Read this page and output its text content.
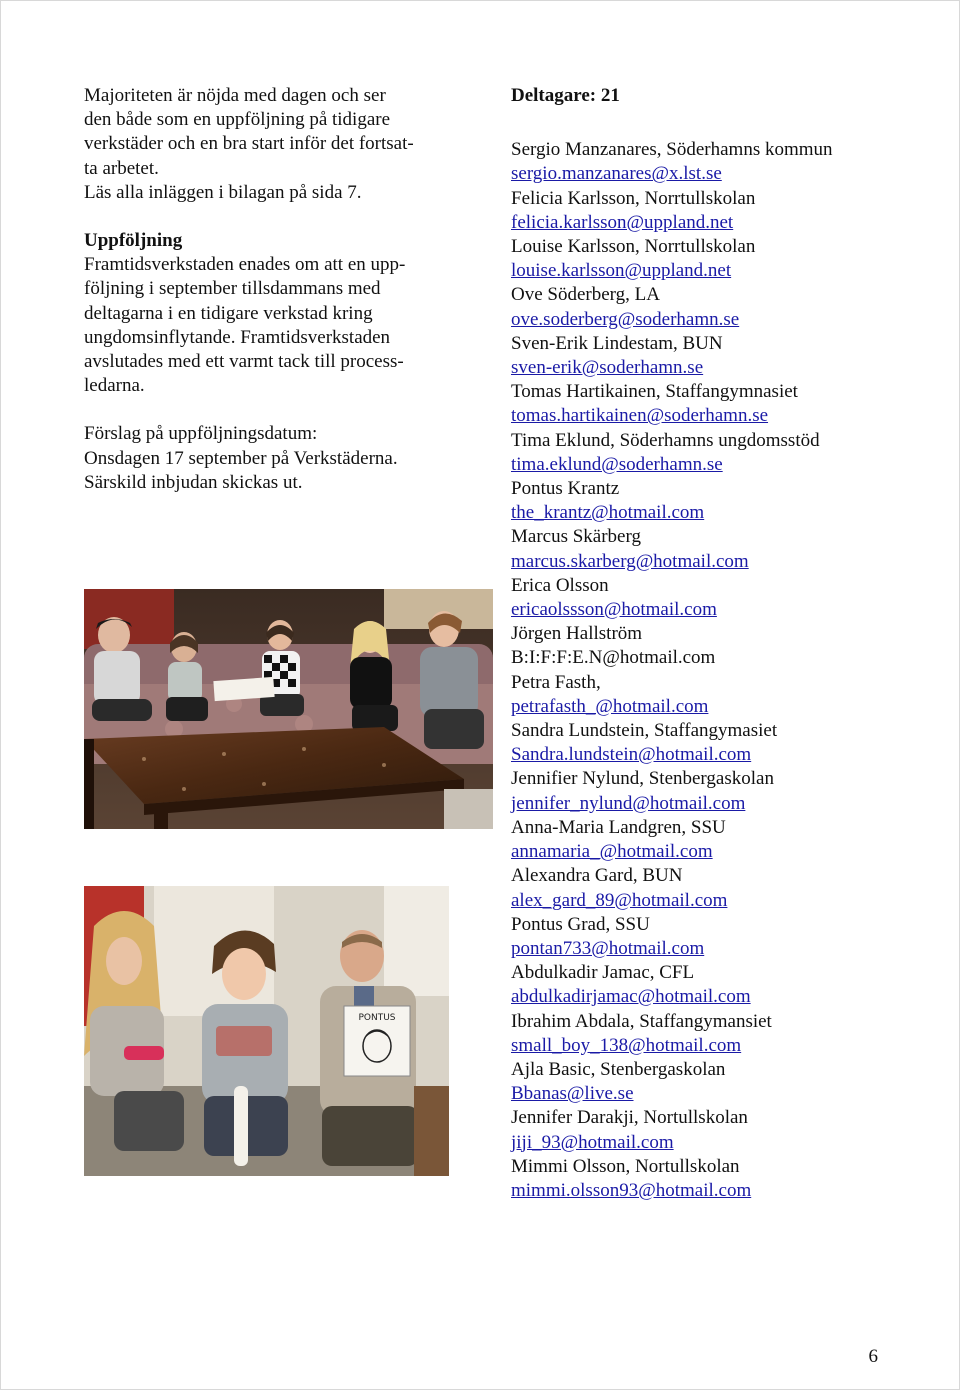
Majoriteten är nöjda med dagen och ser

den både som en uppföljning på tidigare

verkstäder och en bra start inför det fortsat-

ta arbetet.

Läs alla inläggen i bilagan på sida 7.

Uppföljning

Framtidsverkstaden enades om att en upp-

följning i september tillsdammans med

deltagarna i en tidigare verkstad kring

ungdomsinflytande. Framtidsverkstaden

avslutades med ett varmt tack till process-

ledarna.

Förslag på uppföljningsdatum:

Onsdagen 17 september på Verkstäderna.

Särskild inbjudan skickas ut.

PONTUS

Deltagare: 21

Sergio Manzanares, Söderhamns kommun
sergio.manzanares@x.lst.se
Felicia Karlsson, Norrtullskolan
felicia.karlsson@uppland.net
Louise Karlsson, Norrtullskolan
louise.karlsson@uppland.net
Ove Söderberg, LA
ove.soderberg@soderhamn.se
Sven-Erik Lindestam, BUN
sven-erik@soderhamn.se
Tomas Hartikainen, Staffangymnasiet
tomas.hartikainen@soderhamn.se
Tima Eklund, Söderhamns ungdomsstöd
tima.eklund@soderhamn.se
Pontus Krantz
the_krantz@hotmail.com
Marcus Skärberg
marcus.skarberg@hotmail.com
Erica Olsson
ericaolssson@hotmail.com
Jörgen Hallström
B:I:F:F:E.N@hotmail.com
Petra Fasth,
petrafasth_@hotmail.com
Sandra Lundstein, Staffangymasiet
Sandra.lundstein@hotmail.com
Jennifier Nylund, Stenbergaskolan
jennifer_nylund@hotmail.com
Anna-Maria Landgren, SSU
annamaria_@hotmail.com
Alexandra Gard, BUN
alex_gard_89@hotmail.com
Pontus Grad, SSU
pontan733@hotmail.com
Abdulkadir Jamac, CFL
abdulkadirjamac@hotmail.com
Ibrahim Abdala, Staffangymansiet
small_boy_138@hotmail.com
Ajla Basic, Stenbergaskolan
Bbanas@live.se
Jennifer Darakji, Nortullskolan
jiji_93@hotmail.com
Mimmi Olsson, Nortullskolan
mimmi.olsson93@hotmail.com
6
